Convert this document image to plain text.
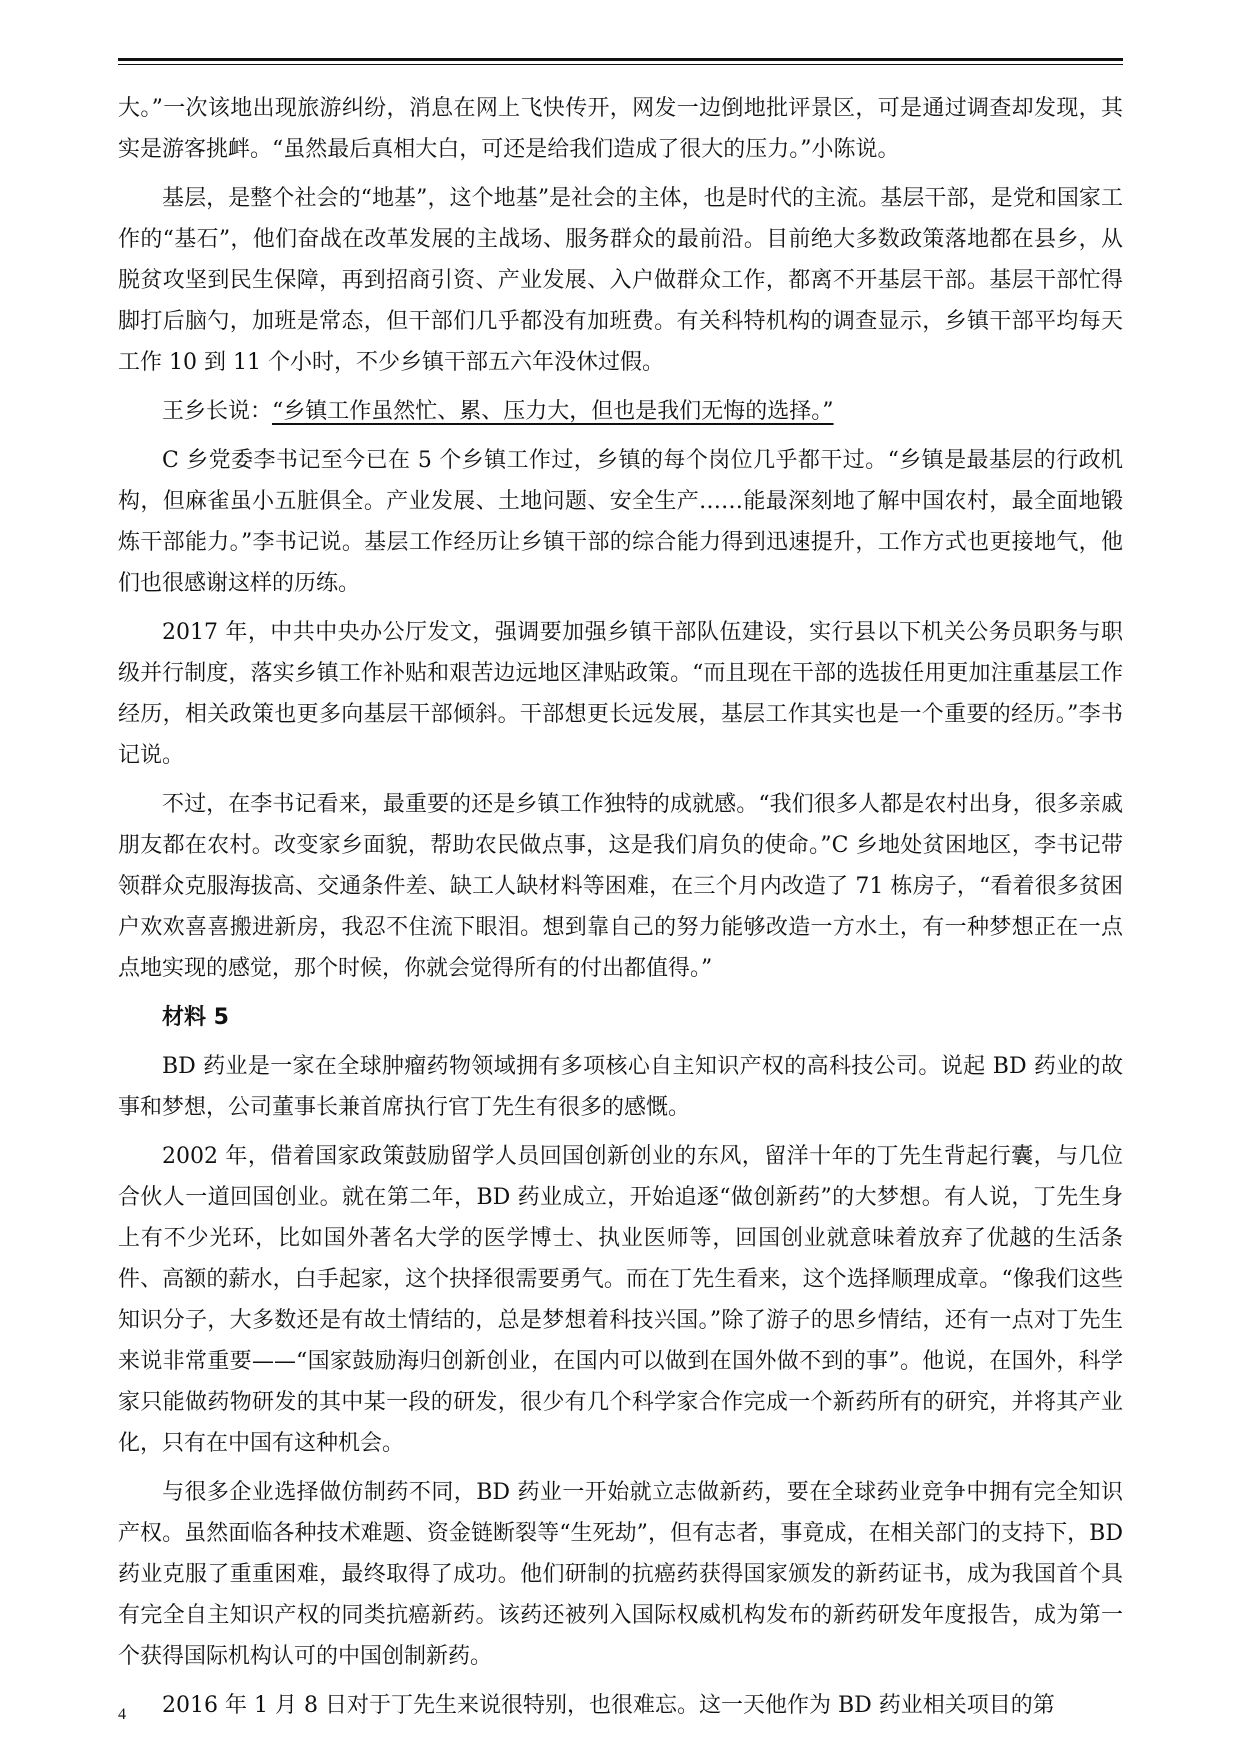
大。”一次该地出现旅游纠纷，消息在网上飞快传开，网发一边倒地批评景区，可是通过调查却发现，其实是游客挑衅。“虽然最后真相大白，可还是给我们造成了很大的压力。”小陈说。

基层，是整个社会的“地基”，这个地基”是社会的主体，也是时代的主流。基层干部，是党和国家工作的“基石”，他们奋战在改革发展的主战场、服务群众的最前沿。目前绝大多数政策落地都在县乡，从脱贫攻坚到民生保障，再到招商引资、产业发展、入户做群众工作，都离不开基层干部。基层干部忙得脚打后脑勺，加班是常态，但干部们几乎都没有加班费。有关科特机构的调查显示，乡镇干部平均每天工作 10 到 11 个小时，不少乡镇干部五六年没休过假。

王乡长说：“乡镇工作虽然忙、累、压力大，但也是我们无悔的选择。”

C 乡党委李书记至今已在 5 个乡镇工作过，乡镇的每个岗位几乎都干过。“乡镇是最基层的行政机构，但麻雀虽小五脏俱全。产业发展、土地问题、安全生产……能最深刻地了解中国农村，最全面地锻炼干部能力。”李书记说。基层工作经历让乡镇干部的综合能力得到迅速提升，工作方式也更接地气，他们也很感谢这样的历练。

2017 年，中共中央办公厅发文，强调要加强乡镇干部队伍建设，实行县以下机关公务员职务与职级并行制度，落实乡镇工作补贴和艰苦边远地区津贴政策。“而且现在干部的选拔任用更加注重基层工作经历，相关政策也更多向基层干部倾斜。干部想更长远发展，基层工作其实也是一个重要的经历。”李书记说。

不过，在李书记看来，最重要的还是乡镇工作独特的成就感。“我们很多人都是农村出身，很多亲戚朋友都在农村。改变家乡面貌，帮助农民做点事，这是我们肩负的使命。”C 乡地处贫困地区，李书记带领群众克服海拔高、交通条件差、缺工人缺材料等困难，在三个月内改造了 71 栋房子，“看着很多贫困户欢欢喜喜搬进新房，我忍不住流下眼泪。想到靠自己的努力能够改造一方水土，有一种梦想正在一点点地实现的感觉，那个时候，你就会觉得所有的付出都值得。”

材料 5

BD 药业是一家在全球肿瘤药物领域拥有多项核心自主知识产权的高科技公司。说起 BD 药业的故事和梦想，公司董事长兼首席执行官丁先生有很多的感慨。

2002 年，借着国家政策鼓励留学人员回国创新创业的东风，留洋十年的丁先生背起行囊，与几位合伙人一道回国创业。就在第二年，BD 药业成立，开始追逐“做创新药”的大梦想。有人说，丁先生身上有不少光环，比如国外著名大学的医学博士、执业医师等，回国创业就意味着放弃了优越的生活条件、高额的薪水，白手起家，这个抉择很需要勇气。而在丁先生看来，这个选择顺理成章。“像我们这些知识分子，大多数还是有故土情结的，总是梦想着科技兴国。”除了游子的思乡情结，还有一点对丁先生来说非常重要——“国家鼓励海归创新创业，在国内可以做到在国外做不到的事”。他说，在国外，科学家只能做药物研发的其中某一段的研发，很少有几个科学家合作完成一个新药所有的研究，并将其产业化，只有在中国有这种机会。

与很多企业选择做仿制药不同，BD 药业一开始就立志做新药，要在全球药业竞争中拥有完全知识产权。虽然面临各种技术难题、资金链断裂等“生死劫”，但有志者，事竟成，在相关部门的支持下，BD 药业克服了重重困难，最终取得了成功。他们研制的抗癌药获得国家颁发的新药证书，成为我国首个具有完全自主知识产权的同类抗癌新药。该药还被列入国际权威机构发布的新药研发年度报告，成为第一个获得国际机构认可的中国创制新药。

2016 年 1 月 8 日对于丁先生来说很特别，也很难忘。这一天他作为 BD 药业相关项目的第

4
